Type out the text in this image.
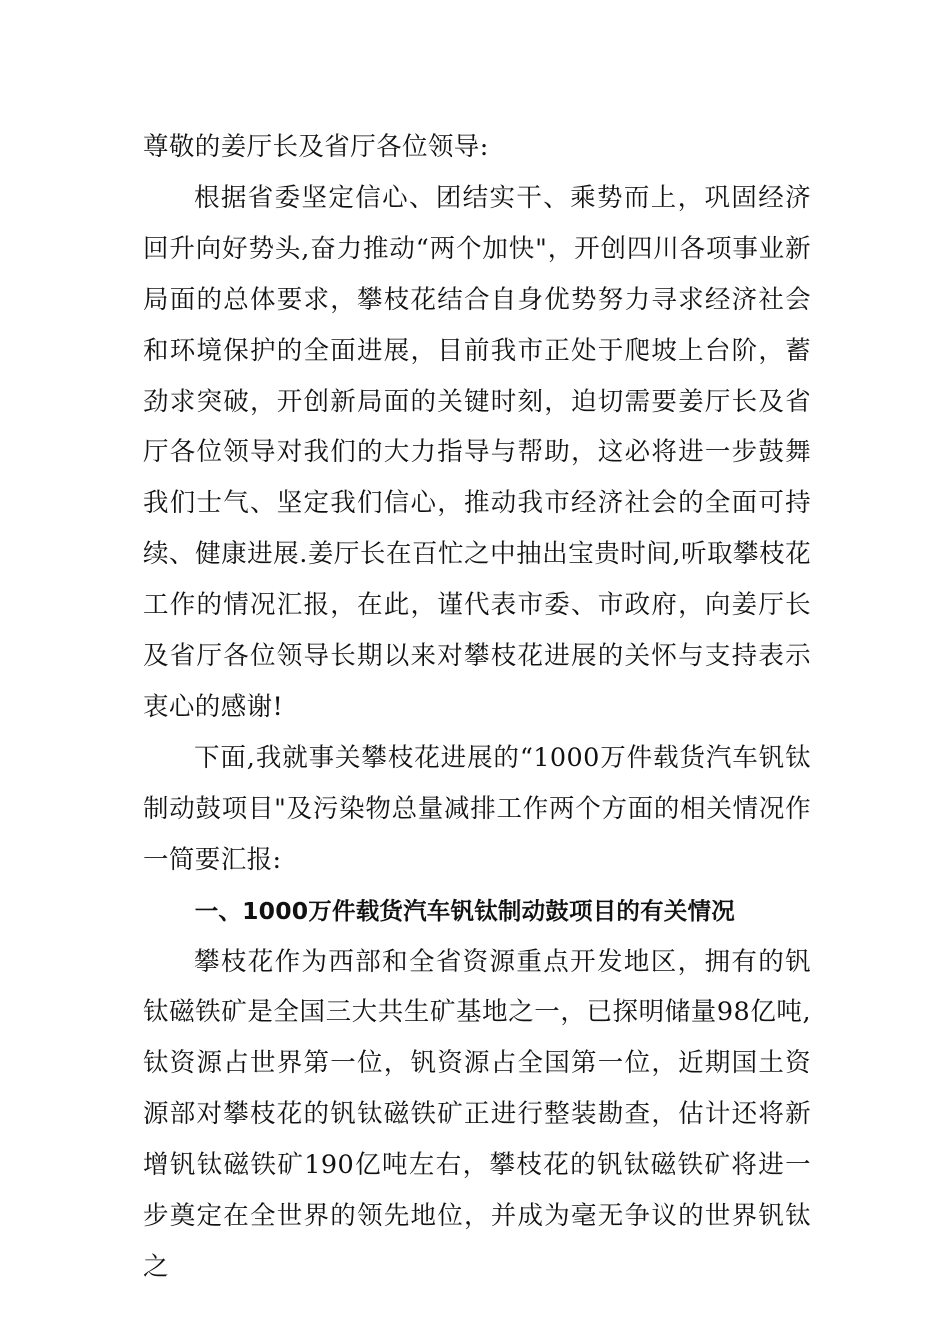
尊敬的姜厅长及省厅各位领导:

根据省委坚定信心、团结实干、乘势而上，巩固经济回升向好势头,奋力推动“两个加快"，开创四川各项事业新局面的总体要求，攀枝花结合自身优势努力寻求经济社会和环境保护的全面进展，目前我市正处于爬坡上台阶，蓄劲求突破，开创新局面的关键时刻，迫切需要姜厅长及省厅各位领导对我们的大力指导与帮助，这必将进一步鼓舞我们士气、坚定我们信心，推动我市经济社会的全面可持续、健康进展.姜厅长在百忙之中抽出宝贵时间,听取攀枝花工作的情况汇报，在此，谨代表市委、市政府，向姜厅长及省厅各位领导长期以来对攀枝花进展的关怀与支持表示衷心的感谢!

下面,我就事关攀枝花进展的“1000万件载货汽车钒钛制动鼓项目"及污染物总量减排工作两个方面的相关情况作一简要汇报:

一、1000万件载货汽车钒钛制动鼓项目的有关情况

攀枝花作为西部和全省资源重点开发地区，拥有的钒钛磁铁矿是全国三大共生矿基地之一，已探明储量98亿吨,钛资源占世界第一位，钒资源占全国第一位，近期国土资源部对攀枝花的钒钛磁铁矿正进行整装勘查，估计还将新增钒钛磁铁矿190亿吨左右，攀枝花的钒钛磁铁矿将进一步奠定在全世界的领先地位，并成为毫无争议的世界钒钛之
